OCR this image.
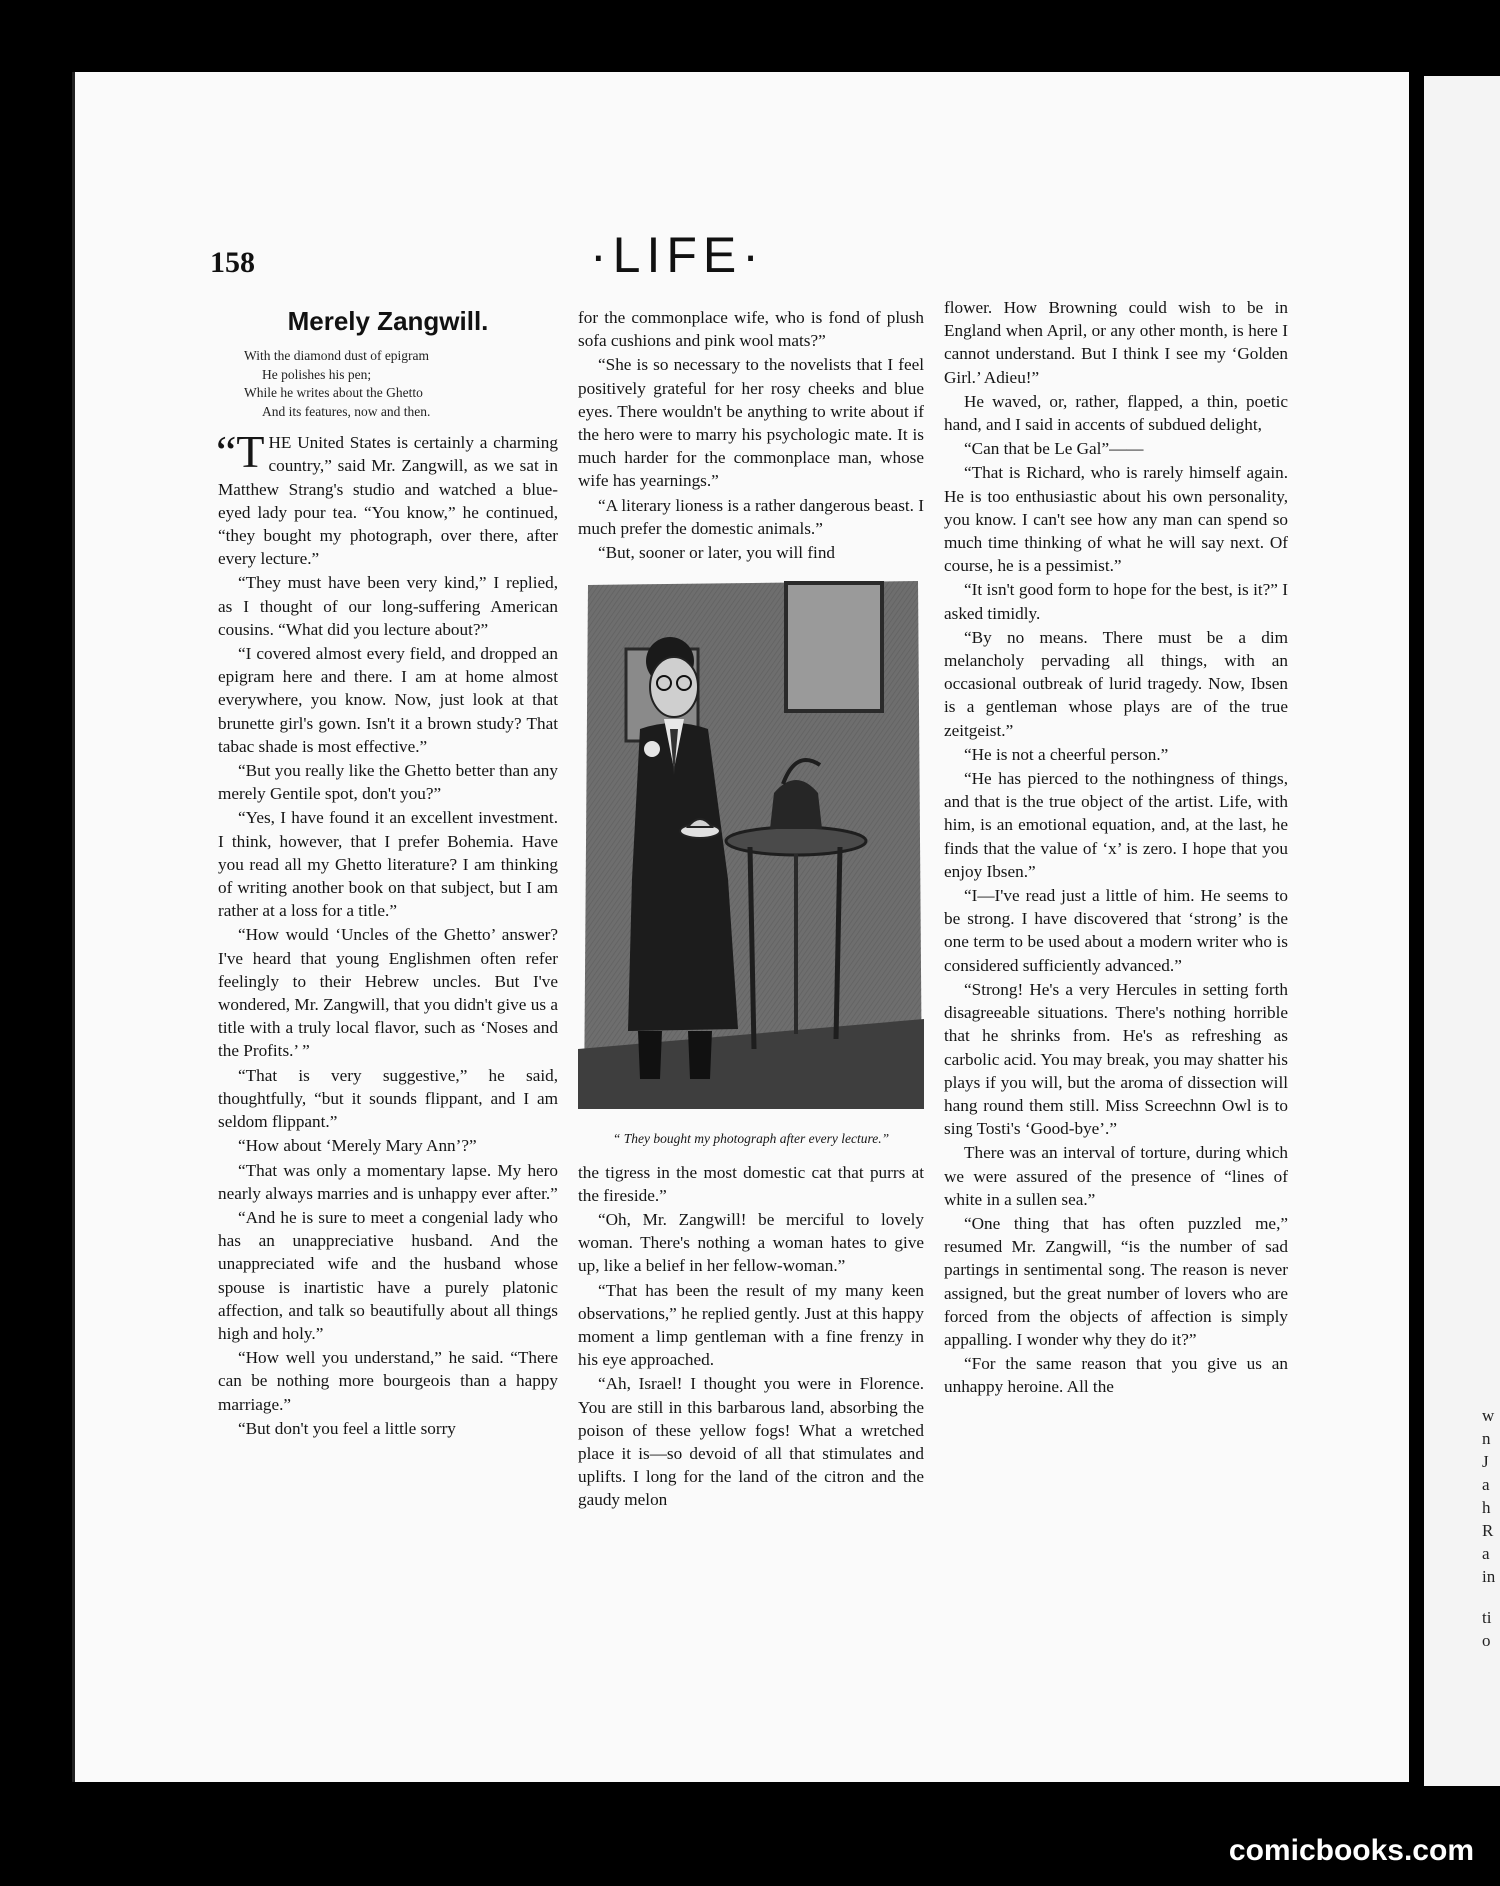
w
n
J
a
h
R
a
in
ti
o
158	·LIFE·
Merely Zangwill.
With the diamond dust of epigram
He polishes his pen;
While he writes about the Ghetto
And its features, now and then.

“THE United States is certainly a charming country,” said Mr. Zangwill, as we sat in Matthew Strang's studio and watched a blue-eyed lady pour tea. “You know,” he continued, “they bought my photograph, over there, after every lecture.”

“They must have been very kind,” I replied, as I thought of our long-suffering American cousins. “What did you lecture about?”

“I covered almost every field, and dropped an epigram here and there. I am at home almost everywhere, you know. Now, just look at that brunette girl's gown. Isn't it a brown study? That tabac shade is most effective.”

“But you really like the Ghetto better than any merely Gentile spot, don't you?”

“Yes, I have found it an excellent investment. I think, however, that I prefer Bohemia. Have you read all my Ghetto literature? I am thinking of writing another book on that subject, but I am rather at a loss for a title.”

“How would ‘Uncles of the Ghetto’ answer? I've heard that young Englishmen often refer feelingly to their Hebrew uncles. But I've wondered, Mr. Zangwill, that you didn't give us a title with a truly local flavor, such as ‘Noses and the Profits.’ ”

“That is very suggestive,” he said, thoughtfully, “but it sounds flippant, and I am seldom flippant.”

“How about ‘Merely Mary Ann’?”

“That was only a momentary lapse. My hero nearly always marries and is unhappy ever after.”

“And he is sure to meet a congenial lady who has an unappreciative husband. And the unappreciated wife and the husband whose spouse is inartistic have a purely platonic affection, and talk so beautifully about all things high and holy.”

“How well you understand,” he said. “There can be nothing more bourgeois than a happy marriage.”

“But don't you feel a little sorry

for the commonplace wife, who is fond of plush sofa cushions and pink wool mats?”

“She is so necessary to the novelists that I feel positively grateful for her rosy cheeks and blue eyes. There wouldn't be anything to write about if the hero were to marry his psychologic mate. It is much harder for the commonplace man, whose wife has yearnings.”

“A literary lioness is a rather dangerous beast. I much prefer the domestic animals.”

“But, sooner or later, you will find

“ They bought my photograph after every lecture.”

the tigress in the most domestic cat that purrs at the fireside.”

“Oh, Mr. Zangwill! be merciful to lovely woman. There's nothing a woman hates to give up, like a belief in her fellow-woman.”

“That has been the result of my many keen observations,” he replied gently. Just at this happy moment a limp gentleman with a fine frenzy in his eye approached.

“Ah, Israel! I thought you were in Florence. You are still in this barbarous land, absorbing the poison of these yellow fogs! What a wretched place it is—so devoid of all that stimulates and uplifts. I long for the land of the citron and the gaudy melon

flower. How Browning could wish to be in England when April, or any other month, is here I cannot understand. But I think I see my ‘Golden Girl.’ Adieu!”

He waved, or, rather, flapped, a thin, poetic hand, and I said in accents of subdued delight,

“Can that be Le Gal”——

“That is Richard, who is rarely himself again. He is too enthusiastic about his own personality, you know. I can't see how any man can spend so much time thinking of what he will say next. Of course, he is a pessimist.”

“It isn't good form to hope for the best, is it?” I asked timidly.

“By no means. There must be a dim melancholy pervading all things, with an occasional outbreak of lurid tragedy. Now, Ibsen is a gentleman whose plays are of the true zeitgeist.”

“He is not a cheerful person.”

“He has pierced to the nothingness of things, and that is the true object of the artist. Life, with him, is an emotional equation, and, at the last, he finds that the value of ‘x’ is zero. I hope that you enjoy Ibsen.”

“I—I've read just a little of him. He seems to be strong. I have discovered that ‘strong’ is the one term to be used about a modern writer who is considered sufficiently advanced.”

“Strong! He's a very Hercules in setting forth disagreeable situations. There's nothing horrible that he shrinks from. He's as refreshing as carbolic acid. You may break, you may shatter his plays if you will, but the aroma of dissection will hang round them still. Miss Screechnn Owl is to sing Tosti's ‘Good-bye’.”

There was an interval of torture, during which we were assured of the presence of “lines of white in a sullen sea.”

“One thing that has often puzzled me,” resumed Mr. Zangwill, “is the number of sad partings in sentimental song. The reason is never assigned, but the great number of lovers who are forced from the objects of affection is simply appalling. I wonder why they do it?”

“For the same reason that you give us an unhappy heroine. All the

comicbooks.com
